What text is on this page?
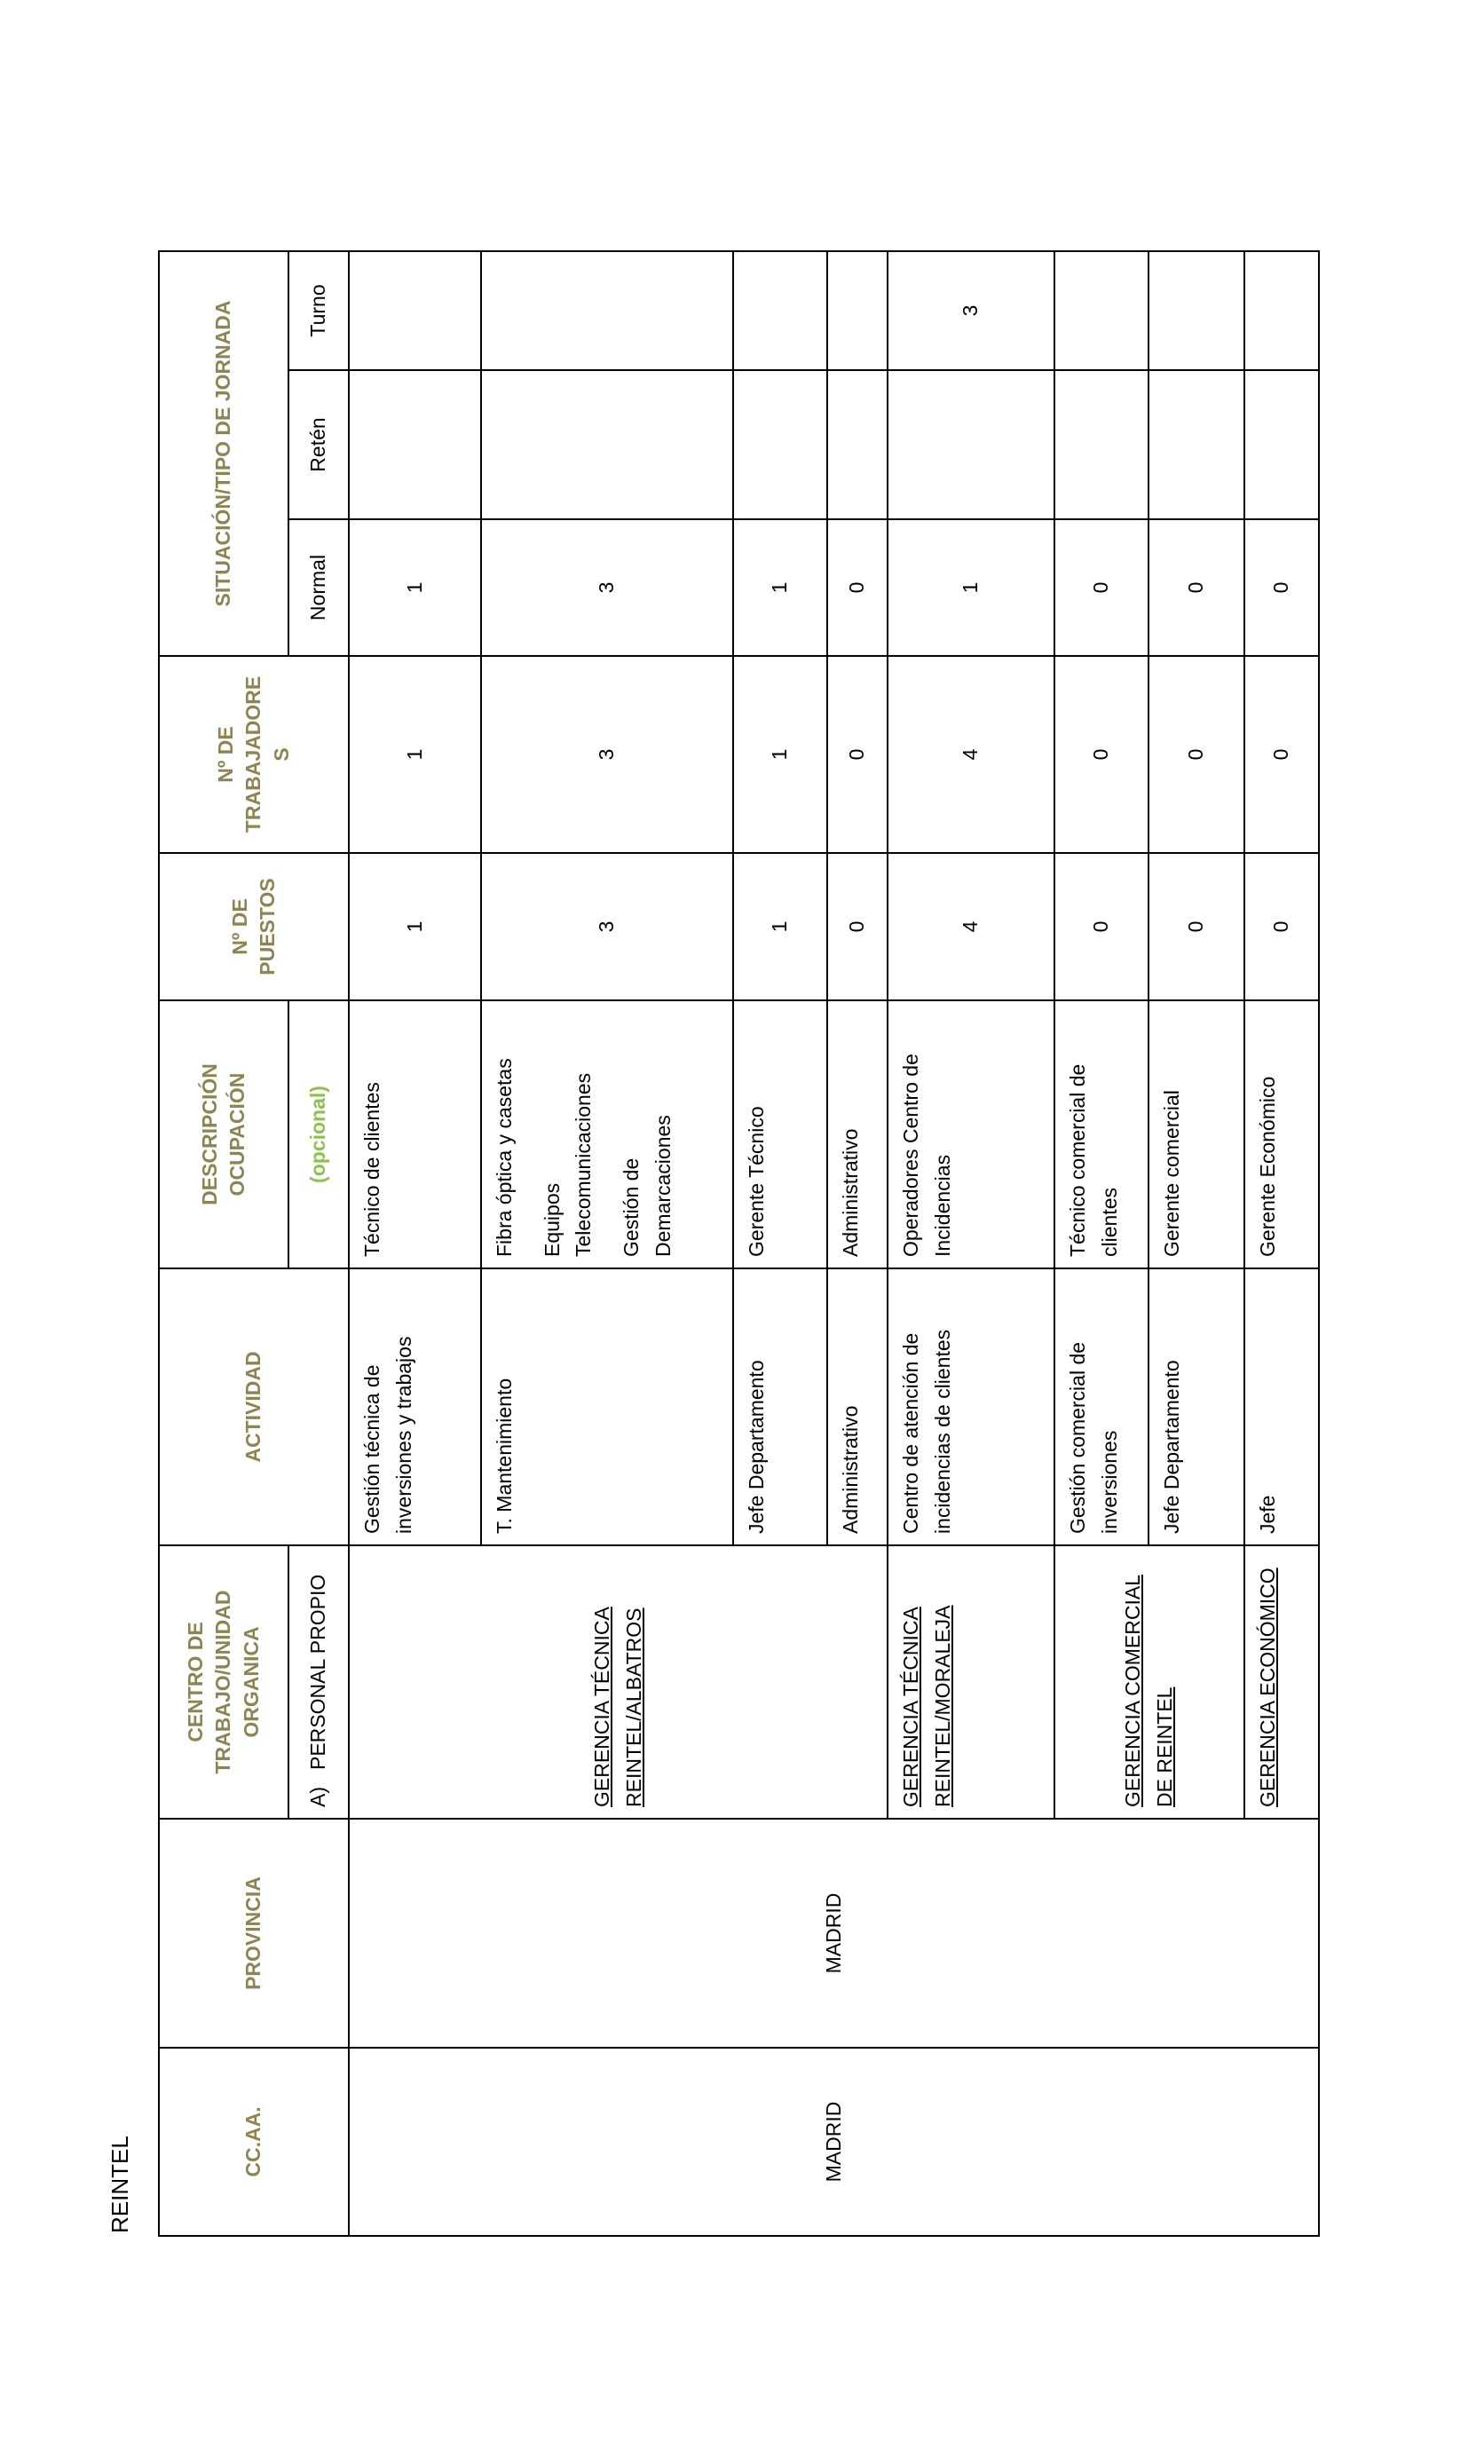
REINTEL	CC.AA.	PROVINCIA	CENTRO DE TRABAJO/UNIDAD ORGANICA	ACTIVIDAD	DESCRIPCIÓN OCUPACIÓN	Nº DE PUESTOS	Nº DE TRABAJADORE S	SITUACIÓN/TIPO DE JORNADA		
		A)PERSONAL PROPIO		(opcional)			Normal	Retén	Turno
MADRID	MADRID	GERENCIA TÉCNICA REINTEL/ALBATROS	Gestión técnica de inversiones y trabajos	Técnico de clientes	1	1	1		
			T. Mantenimiento	Fibra óptica y casetas Equipos Telecomunicaciones Gestión de Demarcaciones	3	3	3		
			Jefe Departamento	Gerente Técnico	1	1	1		
			Administrativo	Administrativo	0	0	0		

		GERENCIA TÉCNICA REINTEL/MORALEJA	Centro de atención de incidencias de clientes	Operadores Centro de Incidencias	4	4	1		3

		GERENCIA COMERCIAL DE REINTEL	Gestión comercial de inversiones	Técnico comercial de clientes	0	0	0		
			Jefe Departamento	Gerente comercial	0	0	0		

		GERENCIA ECONÓMICO	Jefe	Gerente Económico	0	0	0		
